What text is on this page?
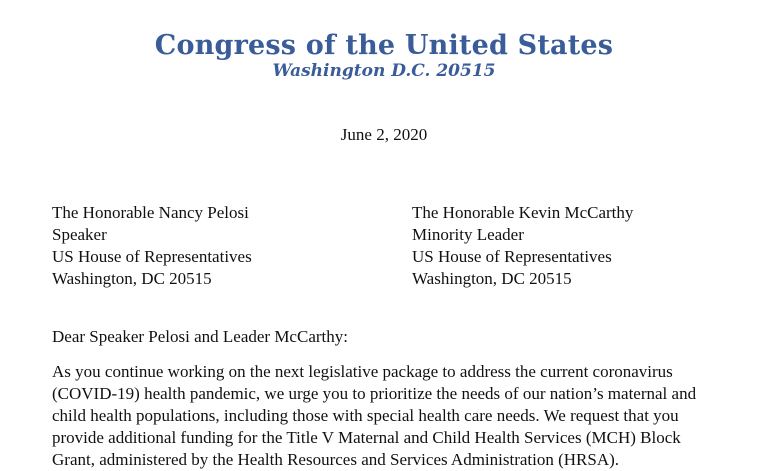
Congress of the United States
Washington D.C. 20515
June 2, 2020
The Honorable Nancy Pelosi
Speaker
US House of Representatives
Washington, DC 20515
The Honorable Kevin McCarthy
Minority Leader
US House of Representatives
Washington, DC 20515
Dear Speaker Pelosi and Leader McCarthy:
As you continue working on the next legislative package to address the current coronavirus
(COVID-19) health pandemic, we urge you to prioritize the needs of our nation’s maternal and
child health populations, including those with special health care needs. We request that you
provide additional funding for the Title V Maternal and Child Health Services (MCH) Block
Grant, administered by the Health Resources and Services Administration (HRSA).
